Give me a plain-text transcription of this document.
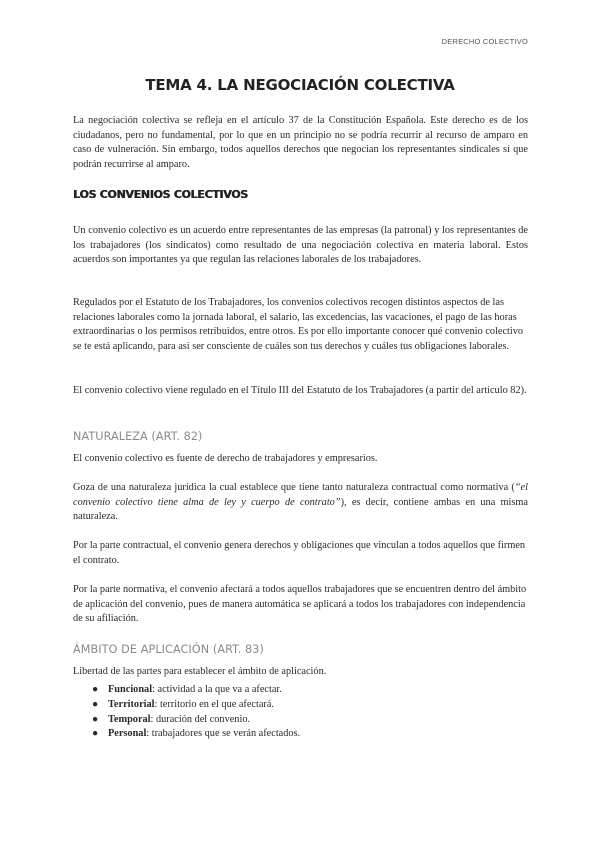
DERECHO COLECTIVO
TEMA 4. LA NEGOCIACIÓN COLECTIVA

La negociación colectiva se refleja en el artículo 37 de la Constitución Española. Este derecho es de los ciudadanos, pero no fundamental, por lo que en un principio no se podría recurrir al recurso de amparo en caso de vulneración. Sin embargo, todos aquellos derechos que negocian los representantes sindicales sí que podrán recurrirse al amparo.

LOS CONVENIOS COLECTIVOS

Un convenio colectivo es un acuerdo entre representantes de las empresas (la patronal) y los representantes de los trabajadores (los sindicatos) como resultado de una negociación colectiva en materia laboral. Estos acuerdos son importantes ya que regulan las relaciones laborales de los trabajadores.

Regulados por el Estatuto de los Trabajadores, los convenios colectivos recogen distintos aspectos de las relaciones laborales como la jornada laboral, el salario, las excedencias, las vacaciones, el pago de las horas extraordinarias o los permisos retribuidos, entre otros. Es por ello importante conocer qué convenio colectivo se te está aplicando, para así ser consciente de cuáles son tus derechos y cuáles tus obligaciones laborales.

El convenio colectivo viene regulado en el Título III del Estatuto de los Trabajadores (a partir del artículo 82).

NATURALEZA (ART. 82)

El convenio colectivo es fuente de derecho de trabajadores y empresarios.

Goza de una naturaleza jurídica la cual establece que tiene tanto naturaleza contractual como normativa (“el convenio colectivo tiene alma de ley y cuerpo de contrato”), es decir, contiene ambas en una misma naturaleza.

Por la parte contractual, el convenio genera derechos y obligaciones que vinculan a todos aquellos que firmen el contrato.

Por la parte normativa, el convenio afectará a todos aquellos trabajadores que se encuentren dentro del ámbito de aplicación del convenio, pues de manera automática se aplicará a todos los trabajadores con independencia de su afiliación.

ÁMBITO DE APLICACIÓN (ART. 83)

Libertad de las partes para establecer el ámbito de aplicación.

● Funcional: actividad a la que va a afectar.
● Territorial: territorio en el que afectará.
● Temporal: duración del convenio.
● Personal: trabajadores que se verán afectados.
